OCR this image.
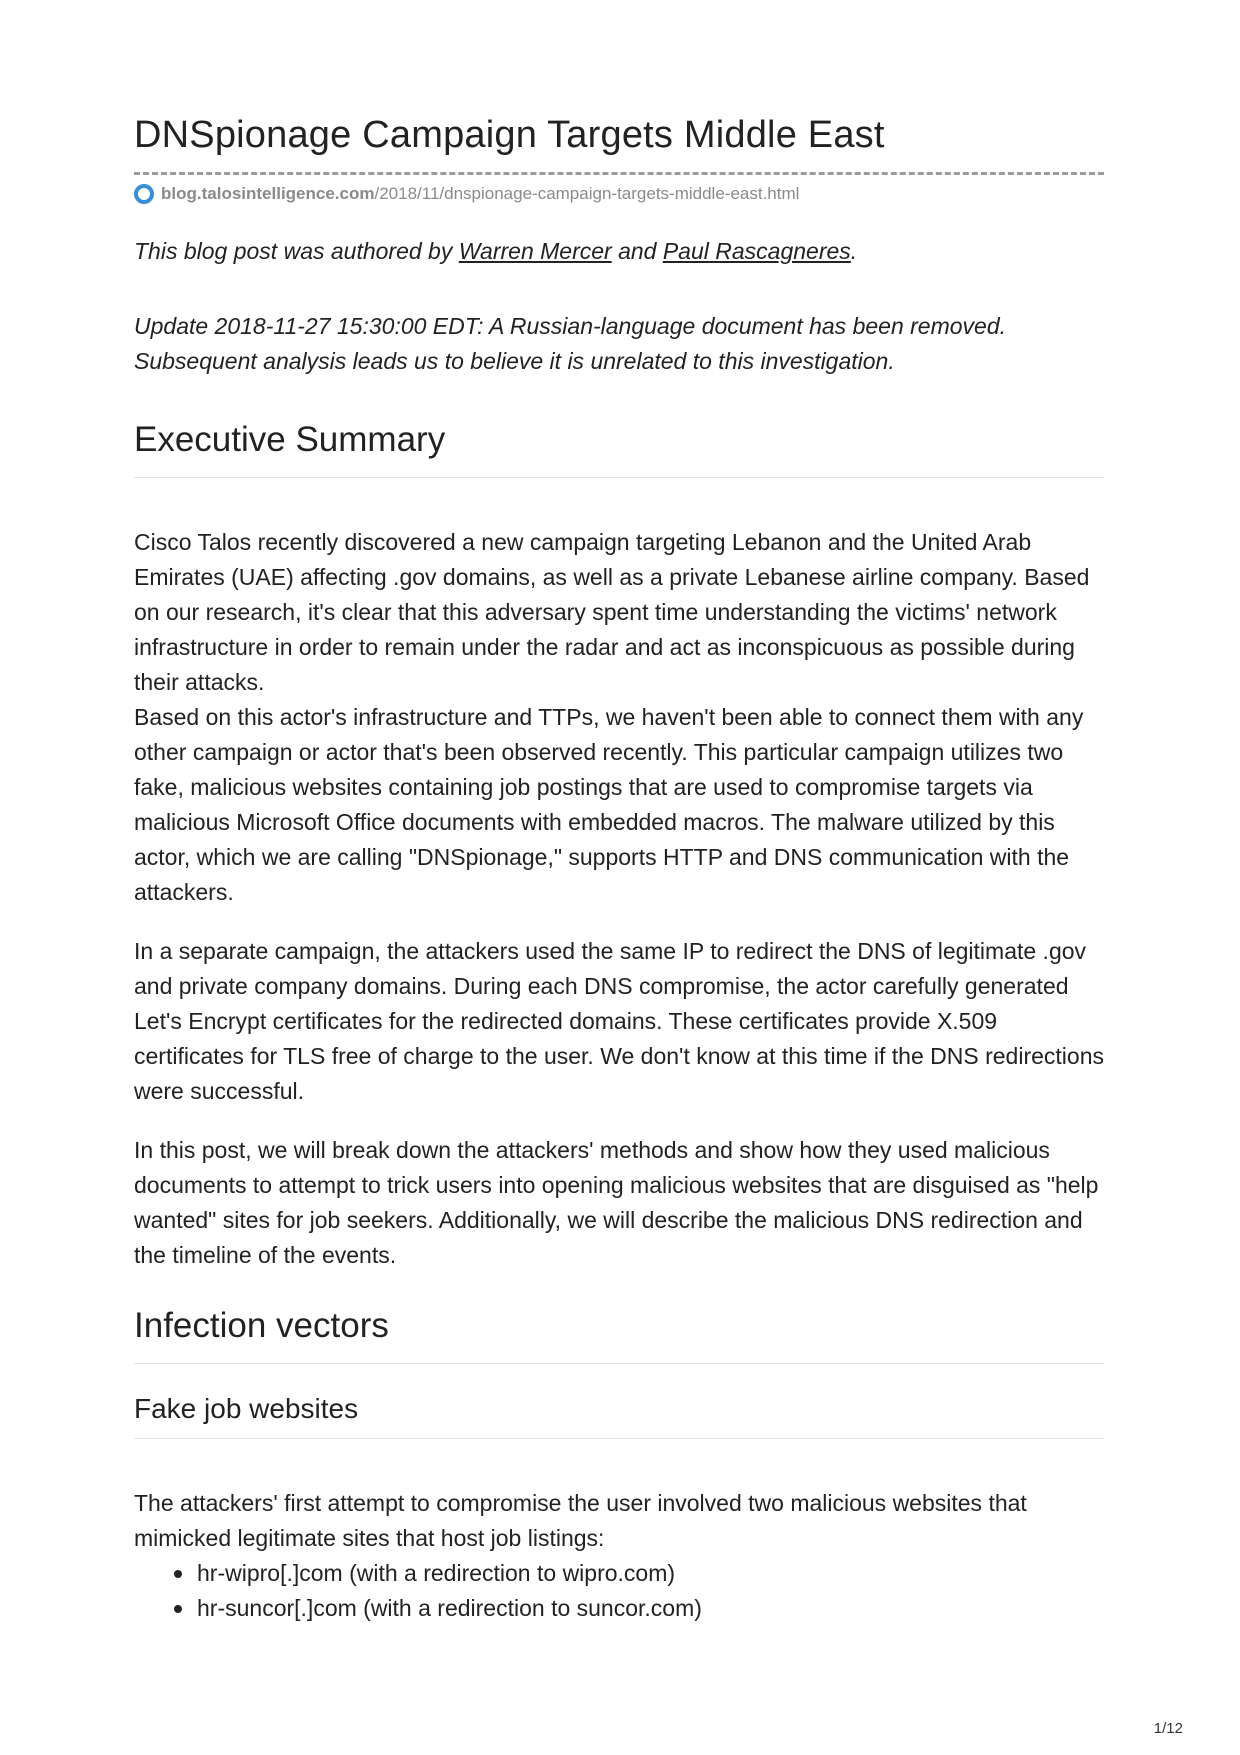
DNSpionage Campaign Targets Middle East
blog.talosintelligence.com /2018/11/dnspionage-campaign-targets-middle-east.html

This blog post was authored by Warren Mercer and Paul Rascagneres.

Update 2018-11-27 15:30:00 EDT: A Russian-language document has been removed. Subsequent analysis leads us to believe it is unrelated to this investigation.

Executive Summary

Cisco Talos recently discovered a new campaign targeting Lebanon and the United Arab Emirates (UAE) affecting .gov domains, as well as a private Lebanese airline company. Based on our research, it's clear that this adversary spent time understanding the victims' network infrastructure in order to remain under the radar and act as inconspicuous as possible during their attacks.

Based on this actor's infrastructure and TTPs, we haven't been able to connect them with any other campaign or actor that's been observed recently. This particular campaign utilizes two fake, malicious websites containing job postings that are used to compromise targets via malicious Microsoft Office documents with embedded macros. The malware utilized by this actor, which we are calling "DNSpionage," supports HTTP and DNS communication with the attackers.

In a separate campaign, the attackers used the same IP to redirect the DNS of legitimate .gov and private company domains. During each DNS compromise, the actor carefully generated Let's Encrypt certificates for the redirected domains. These certificates provide X.509 certificates for TLS free of charge to the user. We don't know at this time if the DNS redirections were successful.

In this post, we will break down the attackers' methods and show how they used malicious documents to attempt to trick users into opening malicious websites that are disguised as "help wanted" sites for job seekers. Additionally, we will describe the malicious DNS redirection and the timeline of the events.

Infection vectors
Fake job websites

The attackers' first attempt to compromise the user involved two malicious websites that mimicked legitimate sites that host job listings:

hr-wipro[.]com (with a redirection to wipro.com)
hr-suncor[.]com (with a redirection to suncor.com)
1/12
